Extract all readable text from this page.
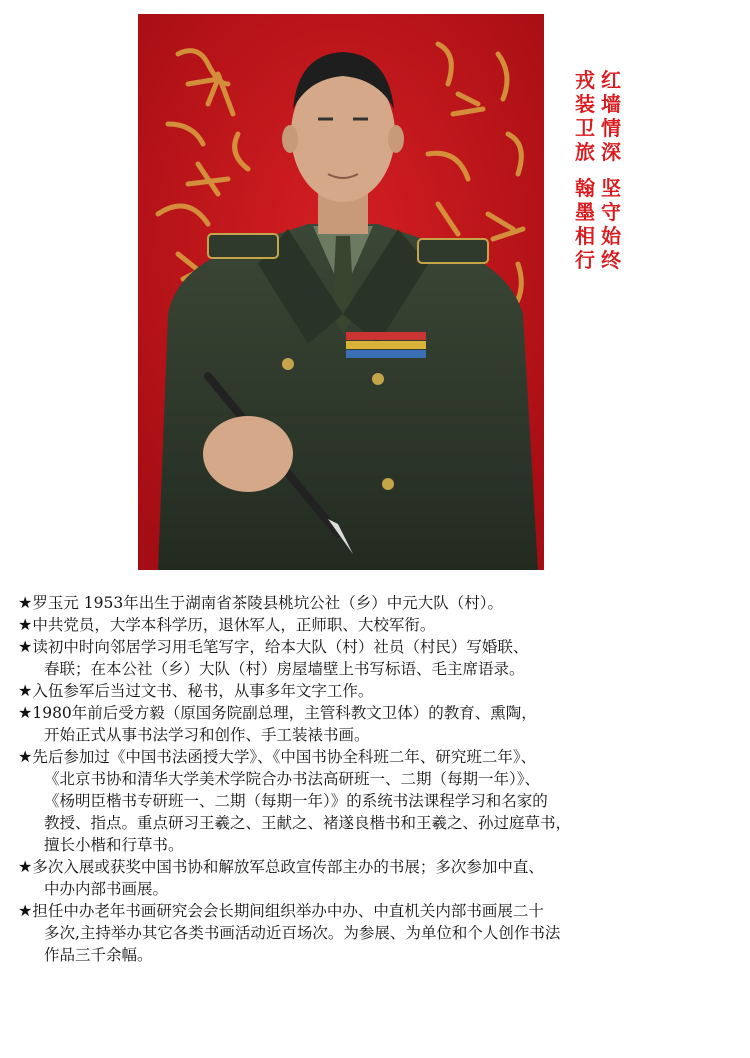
红墙情深
戎装卫旅
坚守始终
翰墨相行
★罗玉元 1953年出生于湖南省茶陵县桃坑公社（乡）中元大队（村）。
★中共党员，大学本科学历，退休军人，正师职、大校军衔。
★读初中时向邻居学习用毛笔写字，给本大队（村）社员（村民）写婚联、
春联；在本公社（乡）大队（村）房屋墙壁上书写标语、毛主席语录。
★入伍参军后当过文书、秘书，从事多年文字工作。
★1980年前后受方毅（原国务院副总理，主管科教文卫体）的教育、熏陶，
开始正式从事书法学习和创作、手工装裱书画。
★先后参加过《中国书法函授大学》、《中国书协全科班二年、研究班二年》、
《北京书协和清华大学美术学院合办书法高研班一、二期（每期一年）》、
《杨明臣楷书专研班一、二期（每期一年）》的系统书法课程学习和名家的
教授、指点。重点研习王羲之、王献之、褚遂良楷书和王羲之、孙过庭草书，
擅长小楷和行草书。
★多次入展或获奖中国书协和解放军总政宣传部主办的书展；多次参加中直、
中办内部书画展。
★担任中办老年书画研究会会长期间组织举办中办、中直机关内部书画展二十
多次,主持举办其它各类书画活动近百场次。为参展、为单位和个人创作书法
作品三千余幅。
